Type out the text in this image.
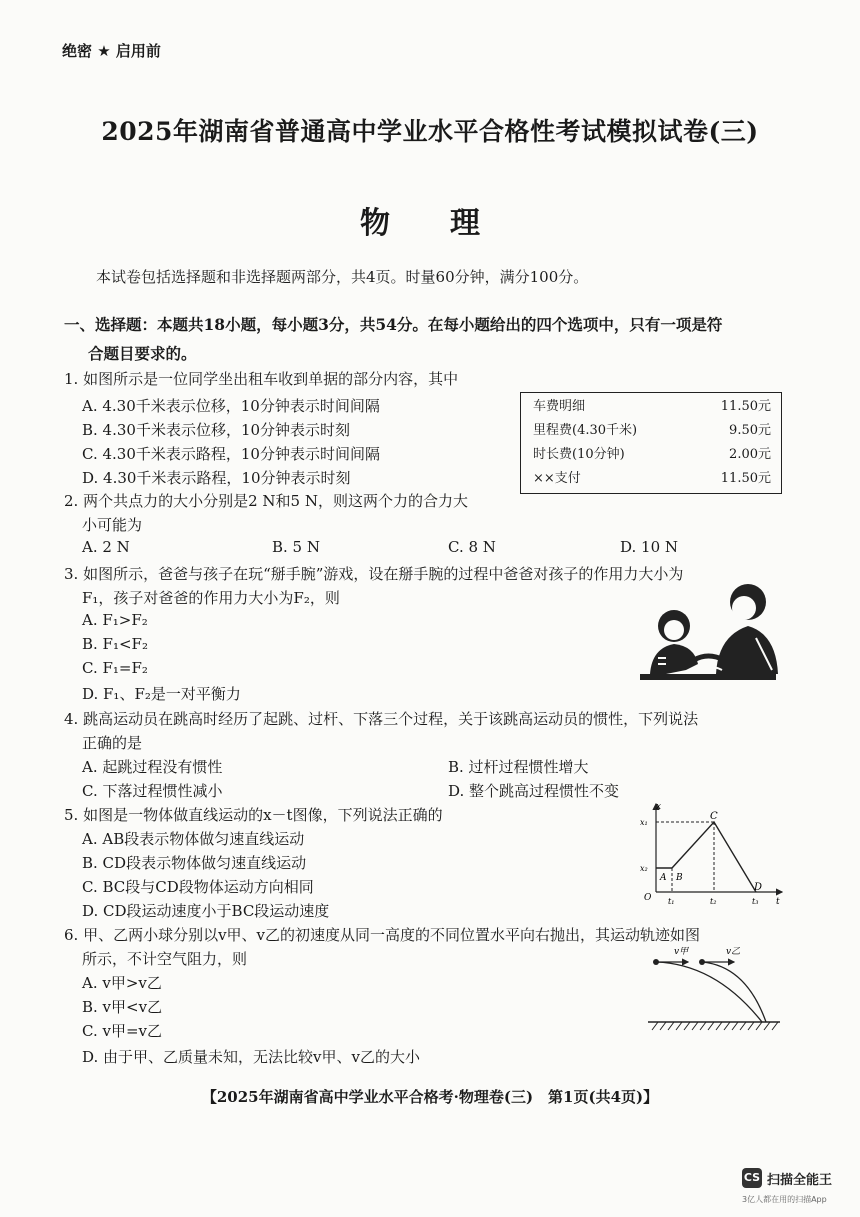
绝密 ★ 启用前
2025年湖南省普通高中学业水平合格性考试模拟试卷(三)
物理
本试卷包括选择题和非选择题两部分，共4页。时量60分钟，满分100分。
一、选择题：本题共18小题，每小题3分，共54分。在每小题给出的四个选项中，只有一项是符
合题目要求的。
1. 如图所示是一位同学坐出租车收到单据的部分内容，其中
A. 4.30千米表示位移，10分钟表示时间间隔
B. 4.30千米表示位移，10分钟表示时刻
C. 4.30千米表示路程，10分钟表示时间间隔
D. 4.30千米表示路程，10分钟表示时刻
车费明细	11.50元
里程费(4.30千米)	9.50元
时长费(10分钟)	2.00元
××支付	11.50元
2. 两个共点力的大小分别是2 N和5 N，则这两个力的合力大
小可能为
A. 2 N	B. 5 N	C. 8 N	D. 10 N
3. 如图所示，爸爸与孩子在玩“掰手腕”游戏，设在掰手腕的过程中爸爸对孩子的作用力大小为
F₁，孩子对爸爸的作用力大小为F₂，则
A. F₁>F₂
B. F₁<F₂
C. F₁=F₂
D. F₁、F₂是一对平衡力
4. 跳高运动员在跳高时经历了起跳、过杆、下落三个过程，关于该跳高运动员的惯性，下列说法
正确的是
A. 起跳过程没有惯性	B. 过杆过程惯性增大
C. 下落过程惯性减小	D. 整个跳高过程惯性不变
5. 如图是一物体做直线运动的x－t图像，下列说法正确的
A. AB段表示物体做匀速直线运动
B. CD段表示物体做匀速直线运动
C. BC段与CD段物体运动方向相同
D. CD段运动速度小于BC段运动速度
x
t
x₁
x₂
O
A B
C
D
t₁	t₂	t₃
6. 甲、乙两小球分别以v甲、v乙的初速度从同一高度的不同位置水平向右抛出，其运动轨迹如图
所示，不计空气阻力，则
A. v甲>v乙
B. v甲<v乙
C. v甲=v乙
D. 由于甲、乙质量未知，无法比较v甲、v乙的大小
v甲	v乙
【2025年湖南省高中学业水平合格考·物理卷(三)　第1页(共4页)】
CS 扫描全能王
3亿人都在用的扫描App
